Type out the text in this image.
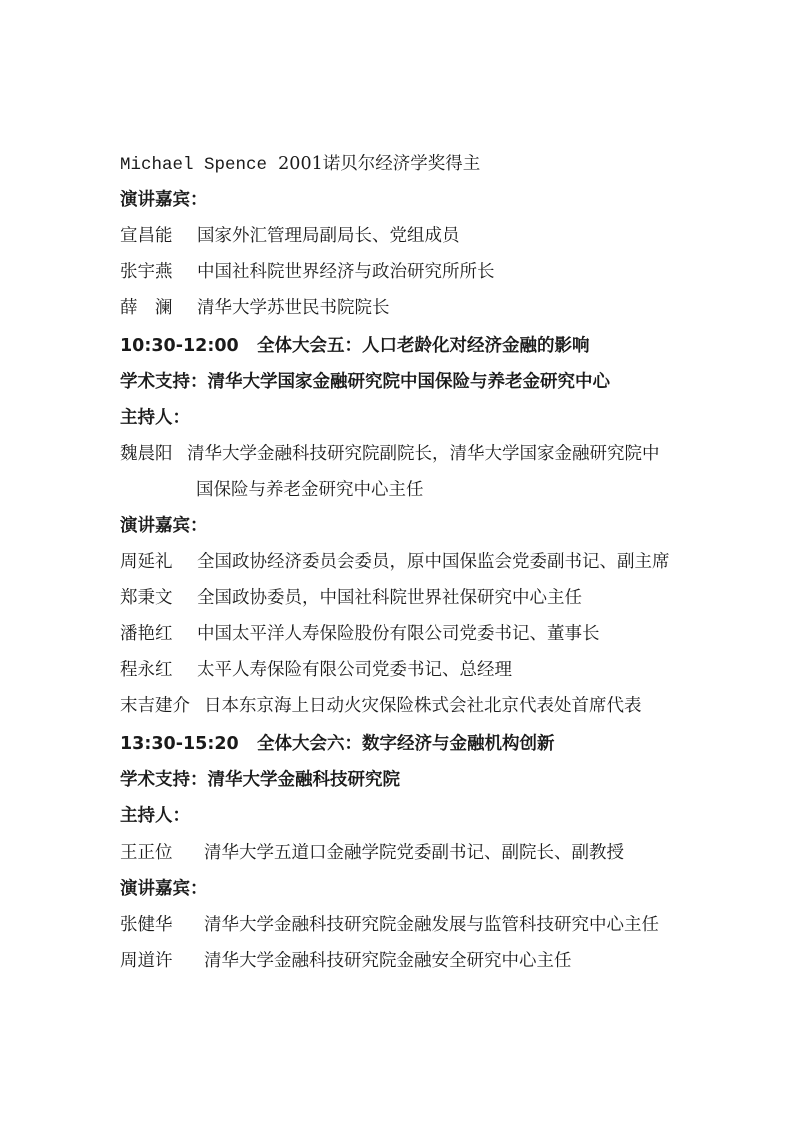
Michael Spence 2001诺贝尔经济学奖得主
演讲嘉宾：
宣昌能 国家外汇管理局副局长、党组成员
张宇燕 中国社科院世界经济与政治研究所所长
薛　澜 清华大学苏世民书院院长
10:30-12:00 全体大会五：人口老龄化对经济金融的影响
学术支持：清华大学国家金融研究院中国保险与养老金研究中心
主持人：
魏晨阳 清华大学金融科技研究院副院长，清华大学国家金融研究院中
国保险与养老金研究中心主任
演讲嘉宾：
周延礼 全国政协经济委员会委员，原中国保监会党委副书记、副主席
郑秉文 全国政协委员，中国社科院世界社保研究中心主任
潘艳红 中国太平洋人寿保险股份有限公司党委书记、董事长
程永红 太平人寿保险有限公司党委书记、总经理
末吉建介 日本东京海上日动火灾保险株式会社北京代表处首席代表
13:30-15:20 全体大会六：数字经济与金融机构创新
学术支持：清华大学金融科技研究院
主持人：
王正位 清华大学五道口金融学院党委副书记、副院长、副教授
演讲嘉宾：
张健华 清华大学金融科技研究院金融发展与监管科技研究中心主任
周道许 清华大学金融科技研究院金融安全研究中心主任
